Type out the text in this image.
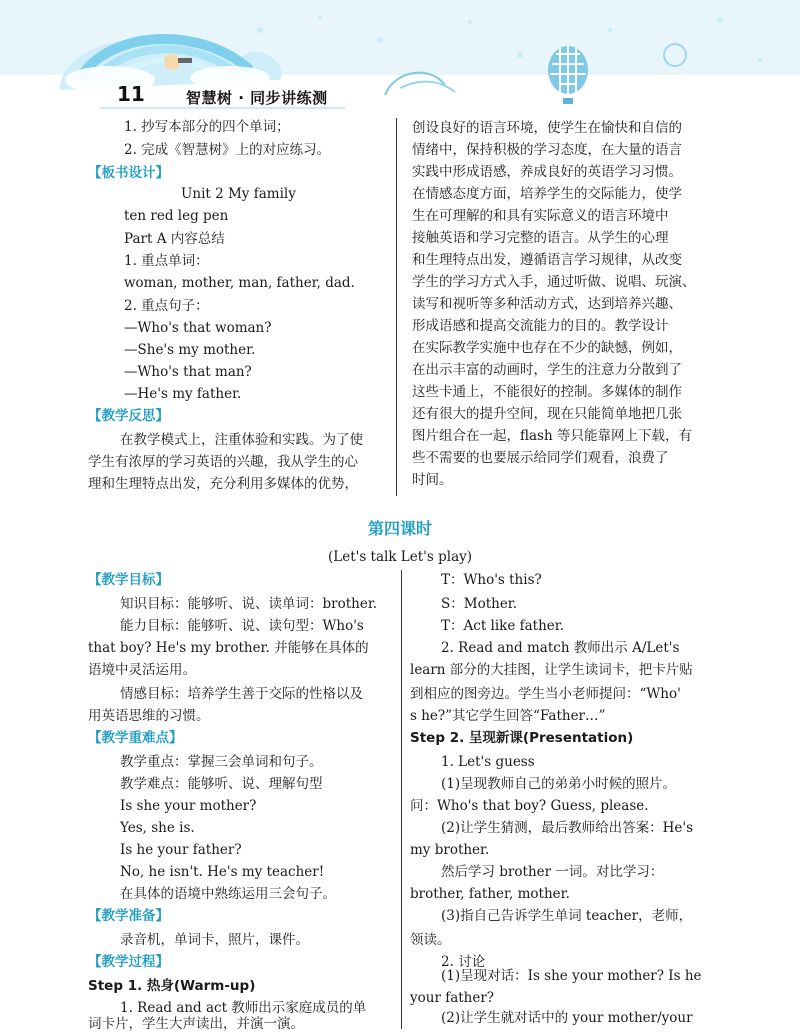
11	智慧树 · 同步讲练测
1. 抄写本部分的四个单词；
2. 完成《智慧树》上的对应练习。
【板书设计】
Unit 2 My family
ten red leg pen
Part A 内容总结
1. 重点单词：
woman, mother, man, father, dad.
2. 重点句子：
—Who's that woman?
—She's my mother.
—Who's that man?
—He's my father.
【教学反思】
在教学模式上，注重体验和实践。为了使
学生有浓厚的学习英语的兴趣，我从学生的心
理和生理特点出发，充分利用多媒体的优势，
创设良好的语言环境，使学生在愉快和自信的
情绪中，保持积极的学习态度，在大量的语言
实践中形成语感，养成良好的英语学习习惯。
在情感态度方面，培养学生的交际能力，使学
生在可理解的和具有实际意义的语言环境中
接触英语和学习完整的语言。从学生的心理
和生理特点出发，遵循语言学习规律，从改变
学生的学习方式入手，通过听做、说唱、玩演、
读写和视听等多种活动方式，达到培养兴趣、
形成语感和提高交流能力的目的。教学设计
在实际教学实施中也存在不少的缺憾，例如，
在出示丰富的动画时，学生的注意力分散到了
这些卡通上，不能很好的控制。多媒体的制作
还有很大的提升空间，现在只能简单地把几张
图片组合在一起，flash 等只能靠网上下载，有
些不需要的也要展示给同学们观看，浪费了
时间。
第四课时
(Let's talk Let's play)
【教学目标】
知识目标：能够听、说、读单词：brother.
能力目标：能够听、说、读句型：Who's
that boy? He's my brother. 并能够在具体的
语境中灵活运用。
情感目标：培养学生善于交际的性格以及
用英语思维的习惯。
【教学重难点】
教学重点：掌握三会单词和句子。
教学难点：能够听、说、理解句型
Is she your mother?
Yes, she is.
Is he your father?
No, he isn't. He's my teacher!
在具体的语境中熟练运用三会句子。
【教学准备】
录音机，单词卡，照片，课件。
【教学过程】
Step 1. 热身(Warm-up)
1. Read and act 教师出示家庭成员的单
词卡片，学生大声读出，并演一演。
T：Who's this?
S：Mother.
T：Act like father.
2. Read and match 教师出示 A/Let's
learn 部分的大挂图，让学生读词卡，把卡片贴
到相应的图旁边。学生当小老师提问：“Who'
s he?”其它学生回答“Father…”
Step 2. 呈现新课(Presentation)
1. Let's guess
(1)呈现教师自己的弟弟小时候的照片。
问：Who's that boy? Guess, please.
(2)让学生猜测，最后教师给出答案：He's
my brother.
然后学习 brother 一词。对比学习：
brother, father, mother.
(3)指自己告诉学生单词 teacher，老师，
领读。
2. 讨论
(1)呈现对话：Is she your mother? Is he
your father?
(2)让学生就对话中的 your mother/your
